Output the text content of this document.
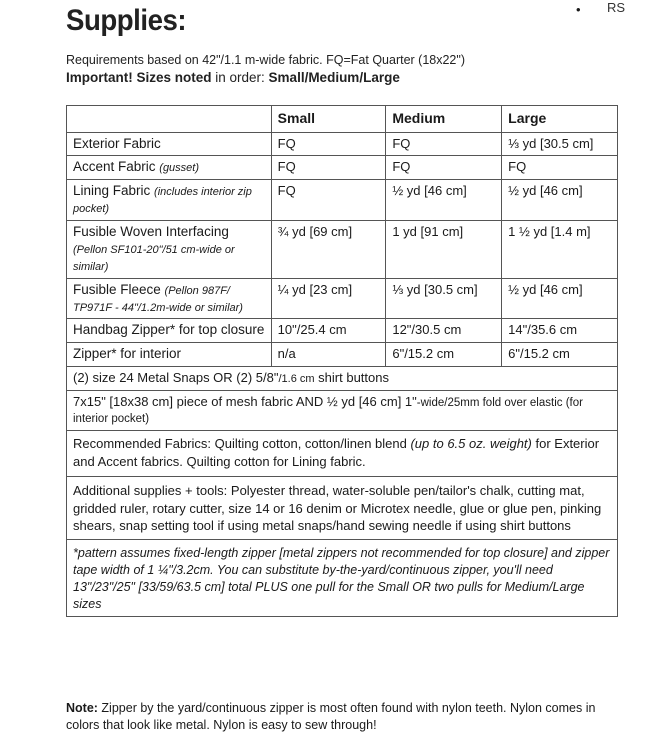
Supplies:	• RS
Requirements based on 42"/1.1 m-wide fabric. FQ=Fat Quarter (18x22")
Important! Sizes noted in order: Small/Medium/Large
	Small	Medium	Large
Exterior Fabric	FQ	FQ	⅓ yd [30.5 cm]
Accent Fabric (gusset)	FQ	FQ	FQ
Lining Fabric (includes interior zip pocket)	FQ	½ yd [46 cm]	½ yd [46 cm]
Fusible Woven Interfacing (Pellon SF101-20"/51 cm-wide or similar)	¾ yd [69 cm]	1 yd [91 cm]	1 ½ yd [1.4 m]
Fusible Fleece (Pellon 987F/ TP971F - 44"/1.2m-wide or similar)	¼ yd [23 cm]	⅓ yd [30.5 cm]	½ yd [46 cm]
Handbag Zipper* for top closure	10"/25.4 cm	12"/30.5 cm	14"/35.6 cm
Zipper* for interior	n/a	6"/15.2 cm	6"/15.2 cm
(2) size 24 Metal Snaps OR (2) 5/8"/1.6 cm shirt buttons			
7x15" [18x38 cm] piece of mesh fabric AND ½ yd [46 cm] 1"-wide/25mm fold over elastic (for interior pocket)			
Recommended Fabrics: Quilting cotton, cotton/linen blend (up to 6.5 oz. weight) for Exterior and Accent fabrics. Quilting cotton for Lining fabric.			
Additional supplies + tools: Polyester thread, water-soluble pen/tailor's chalk, cutting mat, gridded ruler, rotary cutter, size 14 or 16 denim or Microtex needle, glue or glue pen, pinking shears, snap setting tool if using metal snaps/hand sewing needle if using shirt buttons			
*pattern assumes fixed-length zipper [metal zippers not recommended for top closure] and zipper tape width of 1 ¼"/3.2cm. You can substitute by-the-yard/continuous zipper, you'll need 13"/23"/25" [33/59/63.5 cm] total PLUS one pull for the Small OR two pulls for Medium/Large sizes			
Note: Zipper by the yard/continuous zipper is most often found with nylon teeth. Nylon comes in colors that look like metal. Nylon is easy to sew through!
